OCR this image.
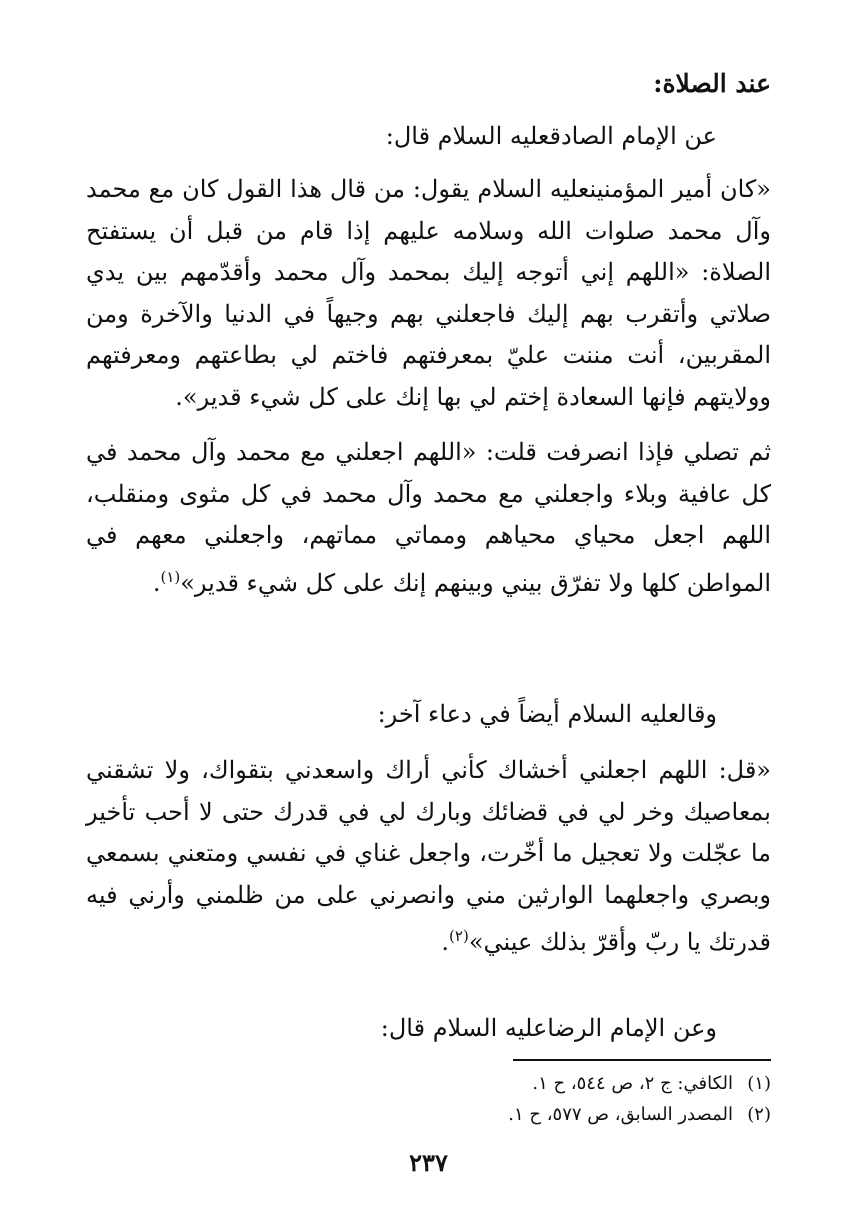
عند الصلاة:
عن الإمام الصادقعليه السلام قال:

«كان أمير المؤمنينعليه السلام يقول: من قال هذا القول كان مع محمد وآل محمد صلوات الله وسلامه عليهم إذا قام من قبل أن يستفتح الصلاة: «اللهم إني أتوجه إليك بمحمد وآل محمد وأقدّمهم بين يدي صلاتي وأتقرب بهم إليك فاجعلني بهم وجيهاً في الدنيا والآخرة ومن المقربين، أنت مننت عليّ بمعرفتهم فاختم لي بطاعتهم ومعرفتهم وولايتهم فإنها السعادة إختم لي بها إنك على كل شيء قدير».

ثم تصلي فإذا انصرفت قلت: «اللهم اجعلني مع محمد وآل محمد في كل عافية وبلاء واجعلني مع محمد وآل محمد في كل مثوى ومنقلب، اللهم اجعل محياي محياهم ومماتي مماتهم، واجعلني معهم في المواطن كلها ولا تفرّق بيني وبينهم إنك على كل شيء قدير»$^{(١)}$.

وقالعليه السلام أيضاً في دعاء آخر:

«قل: اللهم اجعلني أخشاك كأني أراك واسعدني بتقواك، ولا تشقني بمعاصيك وخر لي في قضائك وبارك لي في قدرك حتى لا أحب تأخير ما عجّلت ولا تعجيل ما أخّرت، واجعل غناي في نفسي ومتعني بسمعي وبصري واجعلهما الوارثين مني وانصرني على من ظلمني وأرني فيه قدرتك يا ربّ وأقرّ بذلك عيني»$^{(٢)}$.

وعن الإمام الرضاعليه السلام قال:
(١)الكافي: ج ٢، ص ٥٤٤، ح ١.
(٢)المصدر السابق، ص ٥٧٧، ح ١.
٢٣٧
